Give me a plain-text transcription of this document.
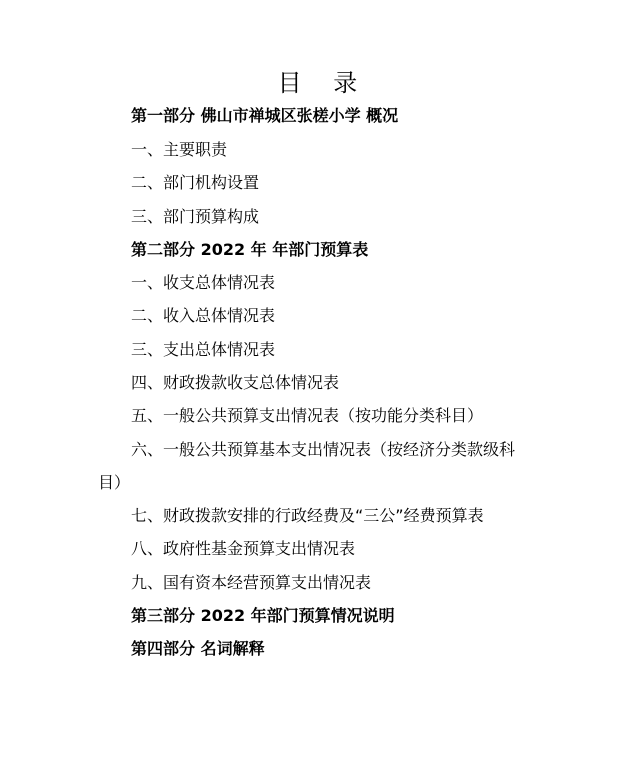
目 录
第一部分 佛山市禅城区张槎小学 概况
一、主要职责
二、部门机构设置
三、部门预算构成
第二部分 2022 年 年部门预算表
一、收支总体情况表
二、收入总体情况表
三、支出总体情况表
四、财政拨款收支总体情况表
五、一般公共预算支出情况表（按功能分类科目）
六、一般公共预算基本支出情况表（按经济分类款级科
目）
七、财政拨款安排的行政经费及“三公”经费预算表
八、政府性基金预算支出情况表
九、国有资本经营预算支出情况表
第三部分 2022 年部门预算情况说明
第四部分 名词解释
